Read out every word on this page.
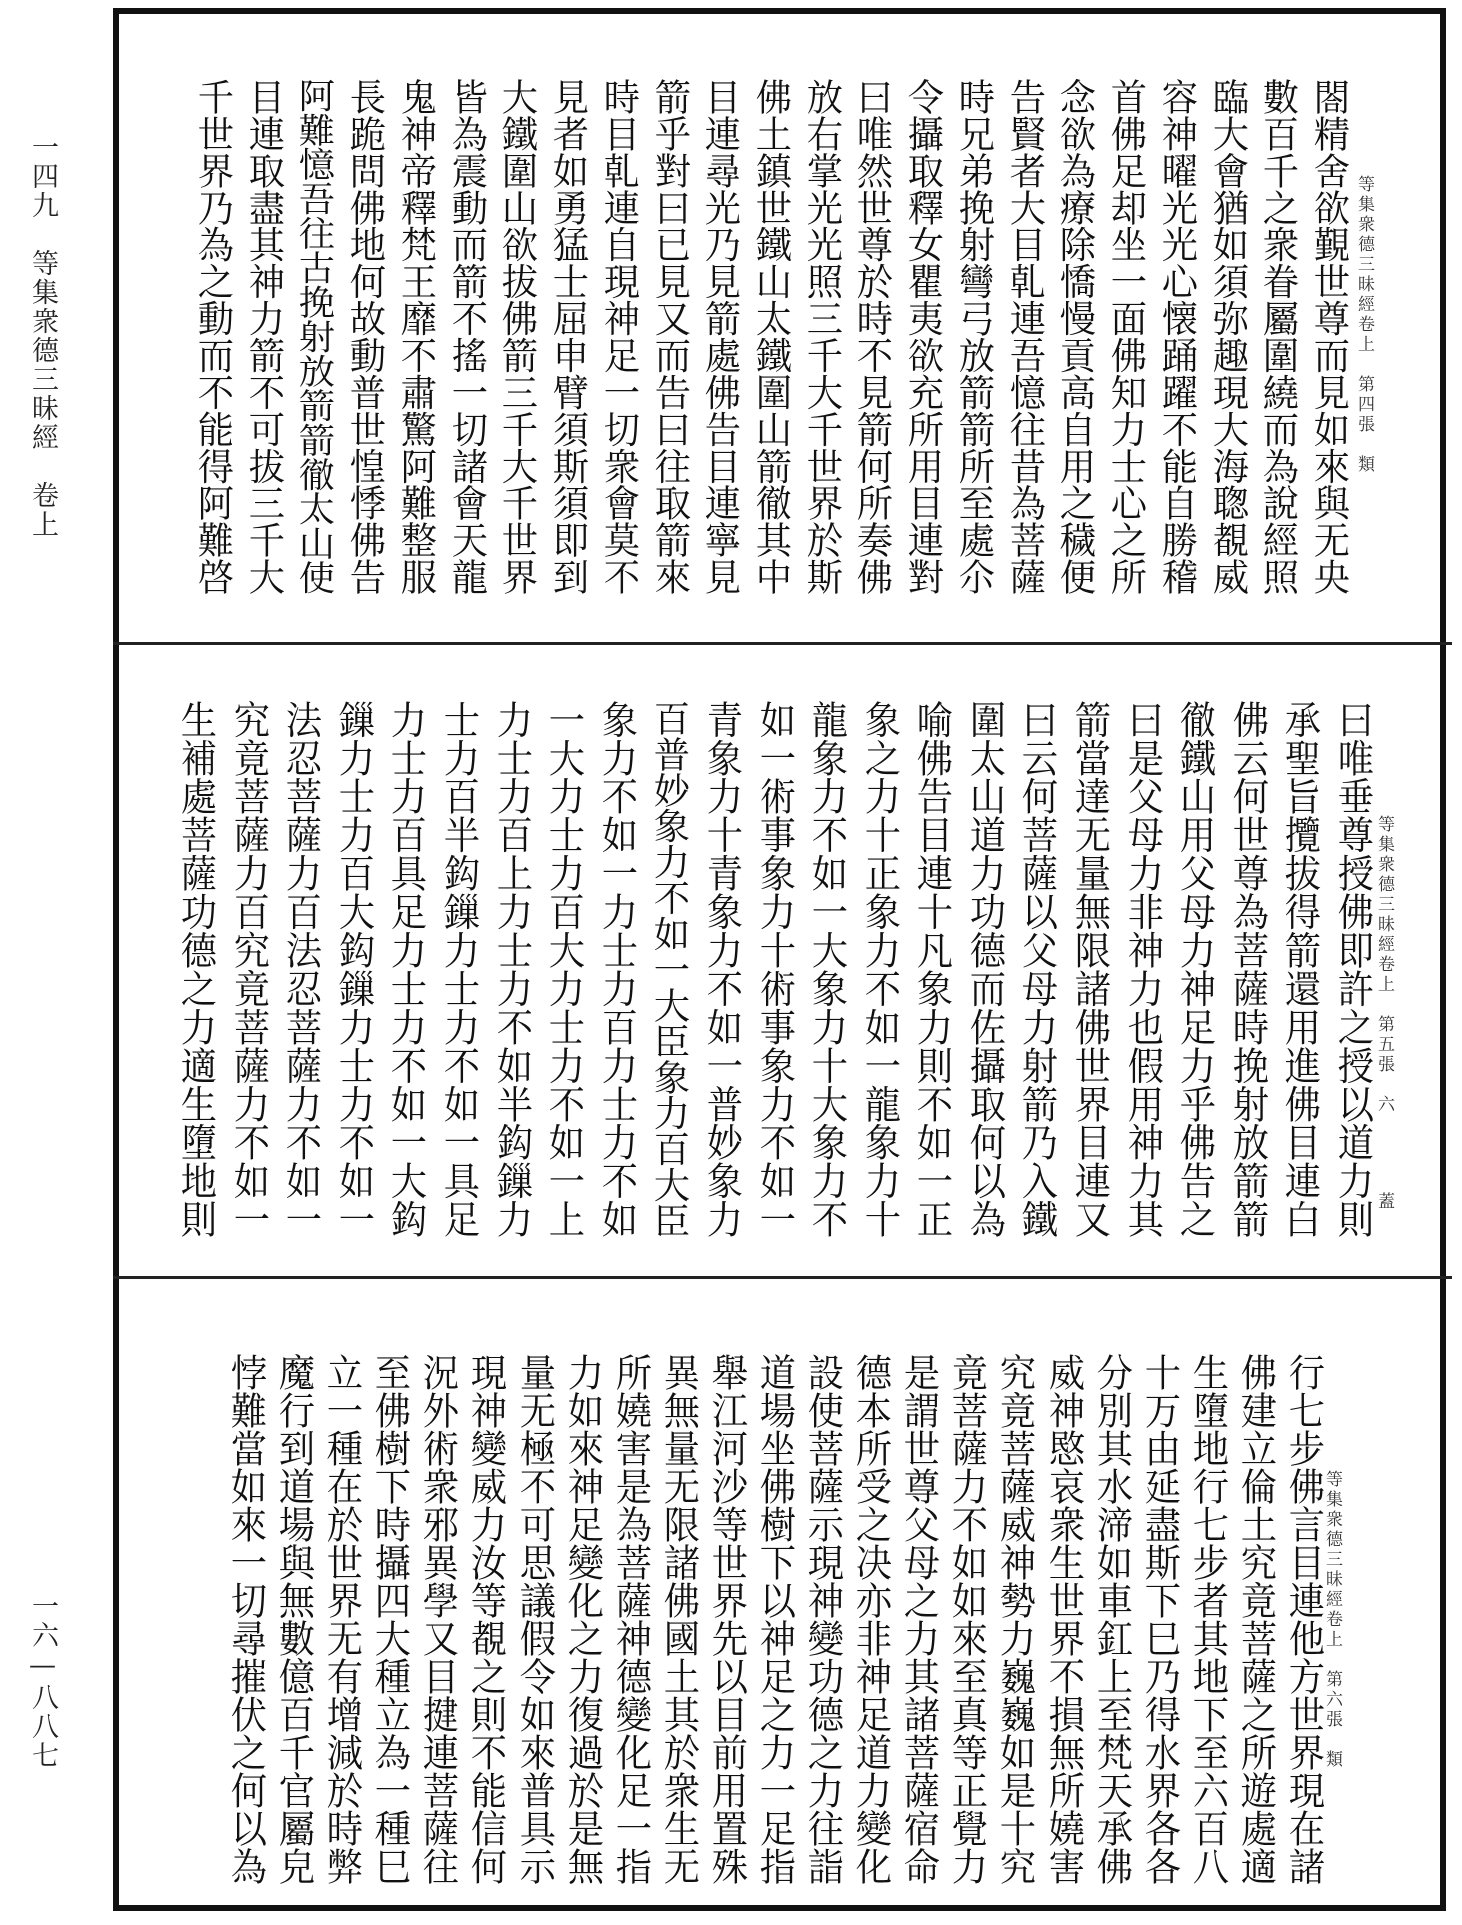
一四九　等集衆德三昧經　卷上
一六—八八七
閤精舍欲覲世尊而見如來與无央
數百千之衆眷屬圍繞而為說經照
臨大會猶如須弥趣現大海聦覩威
容神曜光光心懐踊躍不能自勝稽
首佛足却坐一面佛知力士心之所
念欲為療除憍慢貢高自用之穢便
告賢者大目乹連吾憶往昔為菩薩
時兄弟挽射彎弓放箭箭所至處尒
令攝取釋女瞿夷欲充所用目連對
曰唯然世尊於時不見箭何所奏佛
放右掌光光照三千大千世界於斯
佛土鎮世鐵山太鐵圍山箭徹其中
目連尋光乃見箭處佛告目連寧見
箭乎對曰已見又而告曰往取箭來
時目乹連自現神足一切衆會莫不
見者如勇猛士屈申臂須斯須即到
大鐵圍山欲拔佛箭三千大千世界
皆為震動而箭不搖一切諸會天龍
鬼神帝釋梵王靡不肅驚阿難整服
長跪問佛地何故動普世惶悸佛告
阿難憶吾往古挽射放箭箭徹太山使
目連取盡其神力箭不可拔三千大
千世界乃為之動而不能得阿難啓	等集衆德三昧經卷上　第四張　類
曰唯垂尊授佛即許之授以道力則
承聖旨攬拔得箭還用進佛目連白
佛云何世尊為菩薩時挽射放箭箭
徹鐵山用父母力神足力乎佛告之
曰是父母力非神力也假用神力其
箭當達无量無限諸佛世界目連又
曰云何菩薩以父母力射箭乃入鐵
圍太山道力功德而佐攝取何以為
喻佛告目連十凡象力則不如一正
象之力十正象力不如一龍象力十
龍象力不如一大象力十大象力不
如一術事象力十術事象力不如一
青象力十青象力不如一普妙象力
百普妙象力不如一大臣象力百大臣
象力不如一力士力百力士力不如
一大力士力百大力士力不如一上
力士力百上力士力不如半鈎鏁力
士力百半鈎鏁力士力不如一具足
力士力百具足力士力不如一大鈎
鏁力士力百大鈎鏁力士力不如一
法忍菩薩力百法忍菩薩力不如一
究竟菩薩力百究竟菩薩力不如一
生補處菩薩功德之力適生墮地則	等集衆德三昧經卷上　第五張　六
蓋
行七步佛言目連他方世界現在諸
佛建立倫土究竟菩薩之所遊處適
生墮地行七步者其地下至六百八
十万由延盡斯下巳乃得水界各各
分別其水渧如車釭上至梵天承佛
威神愍哀衆生世界不損無所嬈害
究竟菩薩威神勢力巍巍如是十究
竟菩薩力不如如來至真等正覺力
是謂世尊父母之力其諸菩薩宿命
德本所受之决亦非神足道力變化
設使菩薩示現神變功德之力往詣
道場坐佛樹下以神足之力一足指
舉江河沙等世界先以目前用置殊
異無量无限諸佛國土其於衆生无
所嬈害是為菩薩神德變化足一指
力如來神足變化之力復過於是無
量无極不可思議假令如來普具示
現神變威力汝等覩之則不能信何
況外術衆邪異學又目揵連菩薩往
至佛樹下時攝四大種立為一種巳
立一種在於世界无有增減於時弊
魔行到道場與無數億百千官屬皃
悖難當如來一切尋摧伏之何以為	等集衆德三昧經卷上　第六張　類
